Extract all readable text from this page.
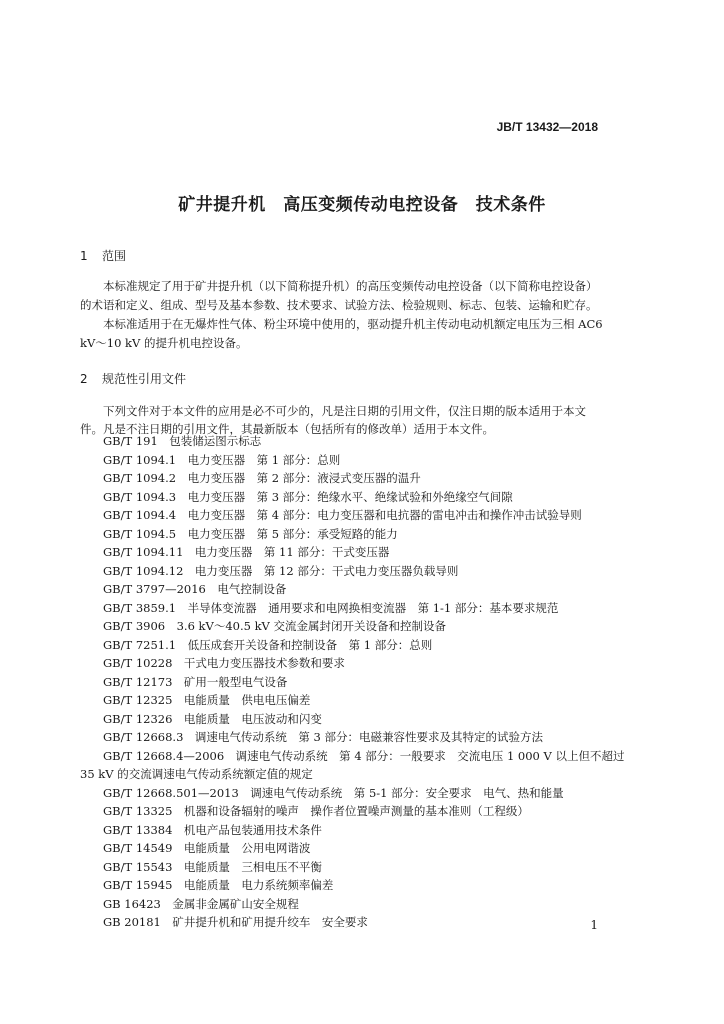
JB/T 13432—2018
矿井提升机　高压变频传动电控设备　技术条件
1 范围

本标准规定了用于矿井提升机（以下简称提升机）的高压变频传动电控设备（以下简称电控设备）的术语和定义、组成、型号及基本参数、技术要求、试验方法、检验规则、标志、包装、运输和贮存。

本标准适用于在无爆炸性气体、粉尘环境中使用的，驱动提升机主传动电动机额定电压为三相 AC6 kV～10 kV 的提升机电控设备。

2 规范性引用文件

下列文件对于本文件的应用是必不可少的，凡是注日期的引用文件，仅注日期的版本适用于本文件。凡是不注日期的引用文件，其最新版本（包括所有的修改单）适用于本文件。

GB/T 191　包装储运图示标志
GB/T 1094.1　电力变压器　第 1 部分：总则
GB/T 1094.2　电力变压器　第 2 部分：液浸式变压器的温升
GB/T 1094.3　电力变压器　第 3 部分：绝缘水平、绝缘试验和外绝缘空气间隙
GB/T 1094.4　电力变压器　第 4 部分：电力变压器和电抗器的雷电冲击和操作冲击试验导则
GB/T 1094.5　电力变压器　第 5 部分：承受短路的能力
GB/T 1094.11　电力变压器　第 11 部分：干式变压器
GB/T 1094.12　电力变压器　第 12 部分：干式电力变压器负载导则
GB/T 3797—2016　电气控制设备
GB/T 3859.1　半导体变流器　通用要求和电网换相变流器　第 1-1 部分：基本要求规范
GB/T 3906　3.6 kV～40.5 kV 交流金属封闭开关设备和控制设备
GB/T 7251.1　低压成套开关设备和控制设备　第 1 部分：总则
GB/T 10228　干式电力变压器技术参数和要求
GB/T 12173　矿用一般型电气设备
GB/T 12325　电能质量　供电电压偏差
GB/T 12326　电能质量　电压波动和闪变
GB/T 12668.3　调速电气传动系统　第 3 部分：电磁兼容性要求及其特定的试验方法
GB/T 12668.4—2006　调速电气传动系统　第 4 部分：一般要求　交流电压 1 000 V 以上但不超过
35 kV 的交流调速电气传动系统额定值的规定
GB/T 12668.501—2013　调速电气传动系统　第 5-1 部分：安全要求　电气、热和能量
GB/T 13325　机器和设备辐射的噪声　操作者位置噪声测量的基本准则（工程级）
GB/T 13384　机电产品包装通用技术条件
GB/T 14549　电能质量　公用电网谐波
GB/T 15543　电能质量　三相电压不平衡
GB/T 15945　电能质量　电力系统频率偏差
GB 16423　金属非金属矿山安全规程
GB 20181　矿井提升机和矿用提升绞车　安全要求	1
